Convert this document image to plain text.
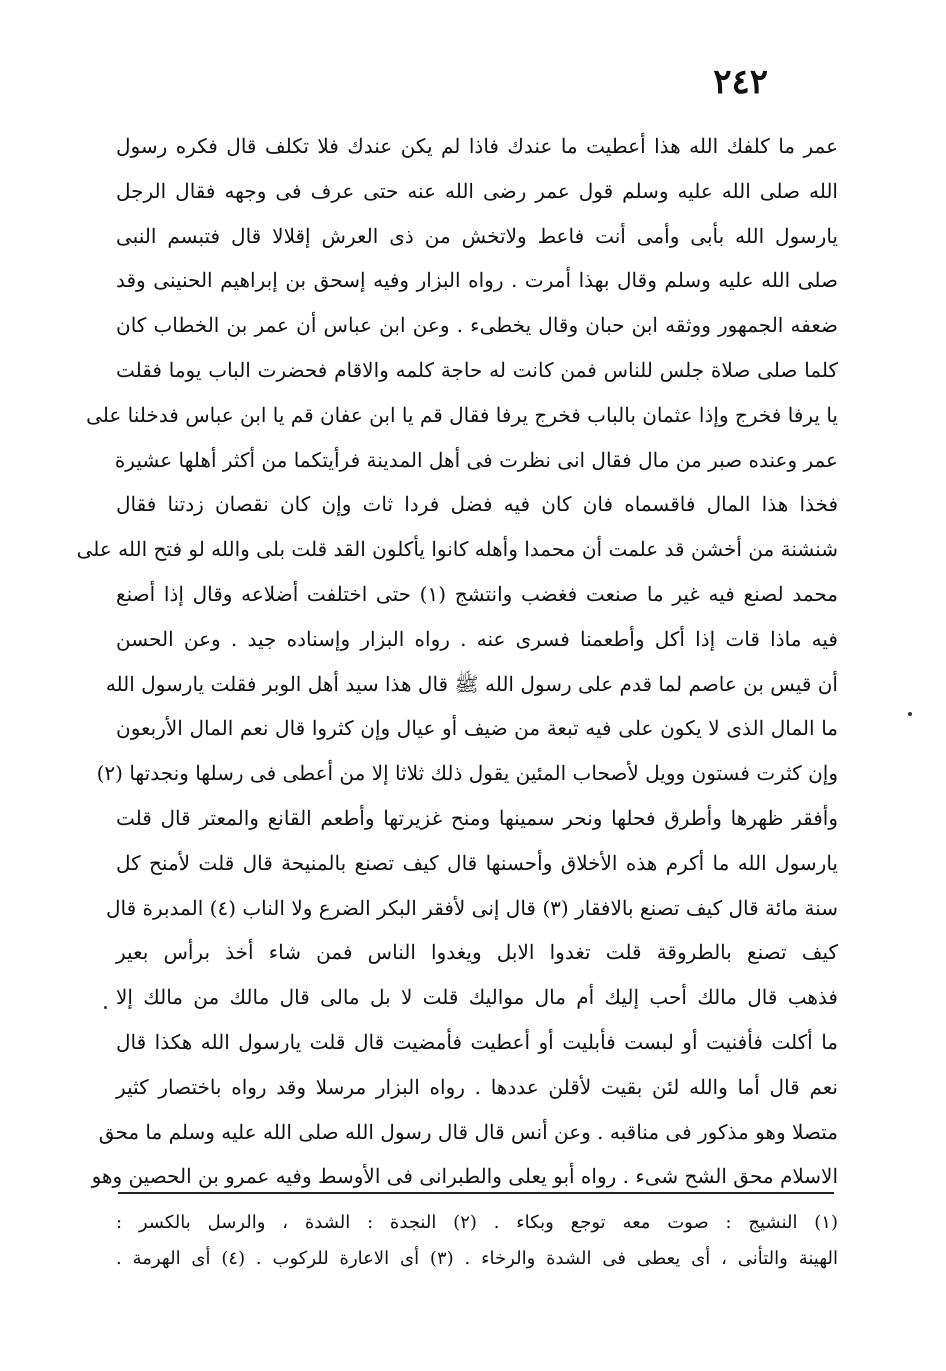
٢٤٢
عمر ما كلفك الله هذا أعطيت ما عندك فاذا لم يكن عندك فلا تكلف قال فكره رسول
الله صلى الله عليه وسلم قول عمر رضى الله عنه حتى عرف فى وجهه فقال الرجل
يارسول الله بأبى وأمى أنت فاعط ولاتخش من ذى العرش إقلالا قال فتبسم النبى
صلى الله عليه وسلم وقال بهذا أمرت . رواه البزار وفيه إسحق بن إبراهيم الحنينى وقد
ضعفه الجمهور ووثقه ابن حبان وقال يخطىء . وعن ابن عباس أن عمر بن الخطاب كان
كلما صلى صلاة جلس للناس فمن كانت له حاجة كلمه والاقام فحضرت الباب يوما فقلت
يا يرفا فخرج وإذا عثمان بالباب فخرج يرفا فقال قم يا ابن عفان قم يا ابن عباس فدخلنا على
عمر وعنده صبر من مال فقال انى نظرت فى أهل المدينة فرأيتكما من أكثر أهلها عشيرة
فخذا هذا المال فاقسماه فان كان فيه فضل فردا ثات وإن كان نقصان زدتنا فقال
شنشنة من أخشن قد علمت أن محمدا وأهله كانوا يأكلون القد قلت بلى والله لو فتح الله على
محمد لصنع فيه غير ما صنعت فغضب وانتشج (١) حتى اختلفت أضلاعه وقال إذا أصنع
فيه ماذا قات إذا أكل وأطعمنا فسرى عنه . رواه البزار وإسناده جيد . وعن الحسن
أن قيس بن عاصم لما قدم على رسول الله ﷺ قال هذا سيد أهل الوبر فقلت يارسول الله
ما المال الذى لا يكون على فيه تبعة من ضيف أو عيال وإن كثروا قال نعم المال الأربعون
وإن كثرت فستون وويل لأصحاب المئين يقول ذلك ثلاثا إلا من أعطى فى رسلها ونجدتها (٢)
وأفقر ظهرها وأطرق فحلها ونحر سمينها ومنح غزيرتها وأطعم القانع والمعتر قال قلت
يارسول الله ما أكرم هذه الأخلاق وأحسنها قال كيف تصنع بالمنيحة قال قلت لأمنح كل
سنة مائة قال كيف تصنع بالافقار (٣) قال إنى لأفقر البكر الضرع ولا الناب (٤) المدبرة قال
كيف تصنع بالطروقة قلت تغدوا الابل ويغدوا الناس فمن شاء أخذ برأس بعير
فذهب قال مالك أحب إليك أم مال مواليك قلت لا بل مالى قال مالك من مالك إلا
ما أكلت فأفنيت أو لبست فأبليت أو أعطيت فأمضيت قال قلت يارسول الله هكذا قال
نعم قال أما والله لئن بقيت لأقلن عددها . رواه البزار مرسلا وقد رواه باختصار كثير
متصلا وهو مذكور فى مناقبه . وعن أنس قال قال رسول الله صلى الله عليه وسلم ما محق
الاسلام محق الشح شىء . رواه أبو يعلى والطبرانى فى الأوسط وفيه عمرو بن الحصين وهو
(١) النشيج : صوت معه توجع وبكاء . (٢) النجدة : الشدة ، والرسل بالكسر :
الهينة والتأنى ، أى يعطى فى الشدة والرخاء . (٣) أى الاعارة للركوب . (٤) أى الهرمة .
